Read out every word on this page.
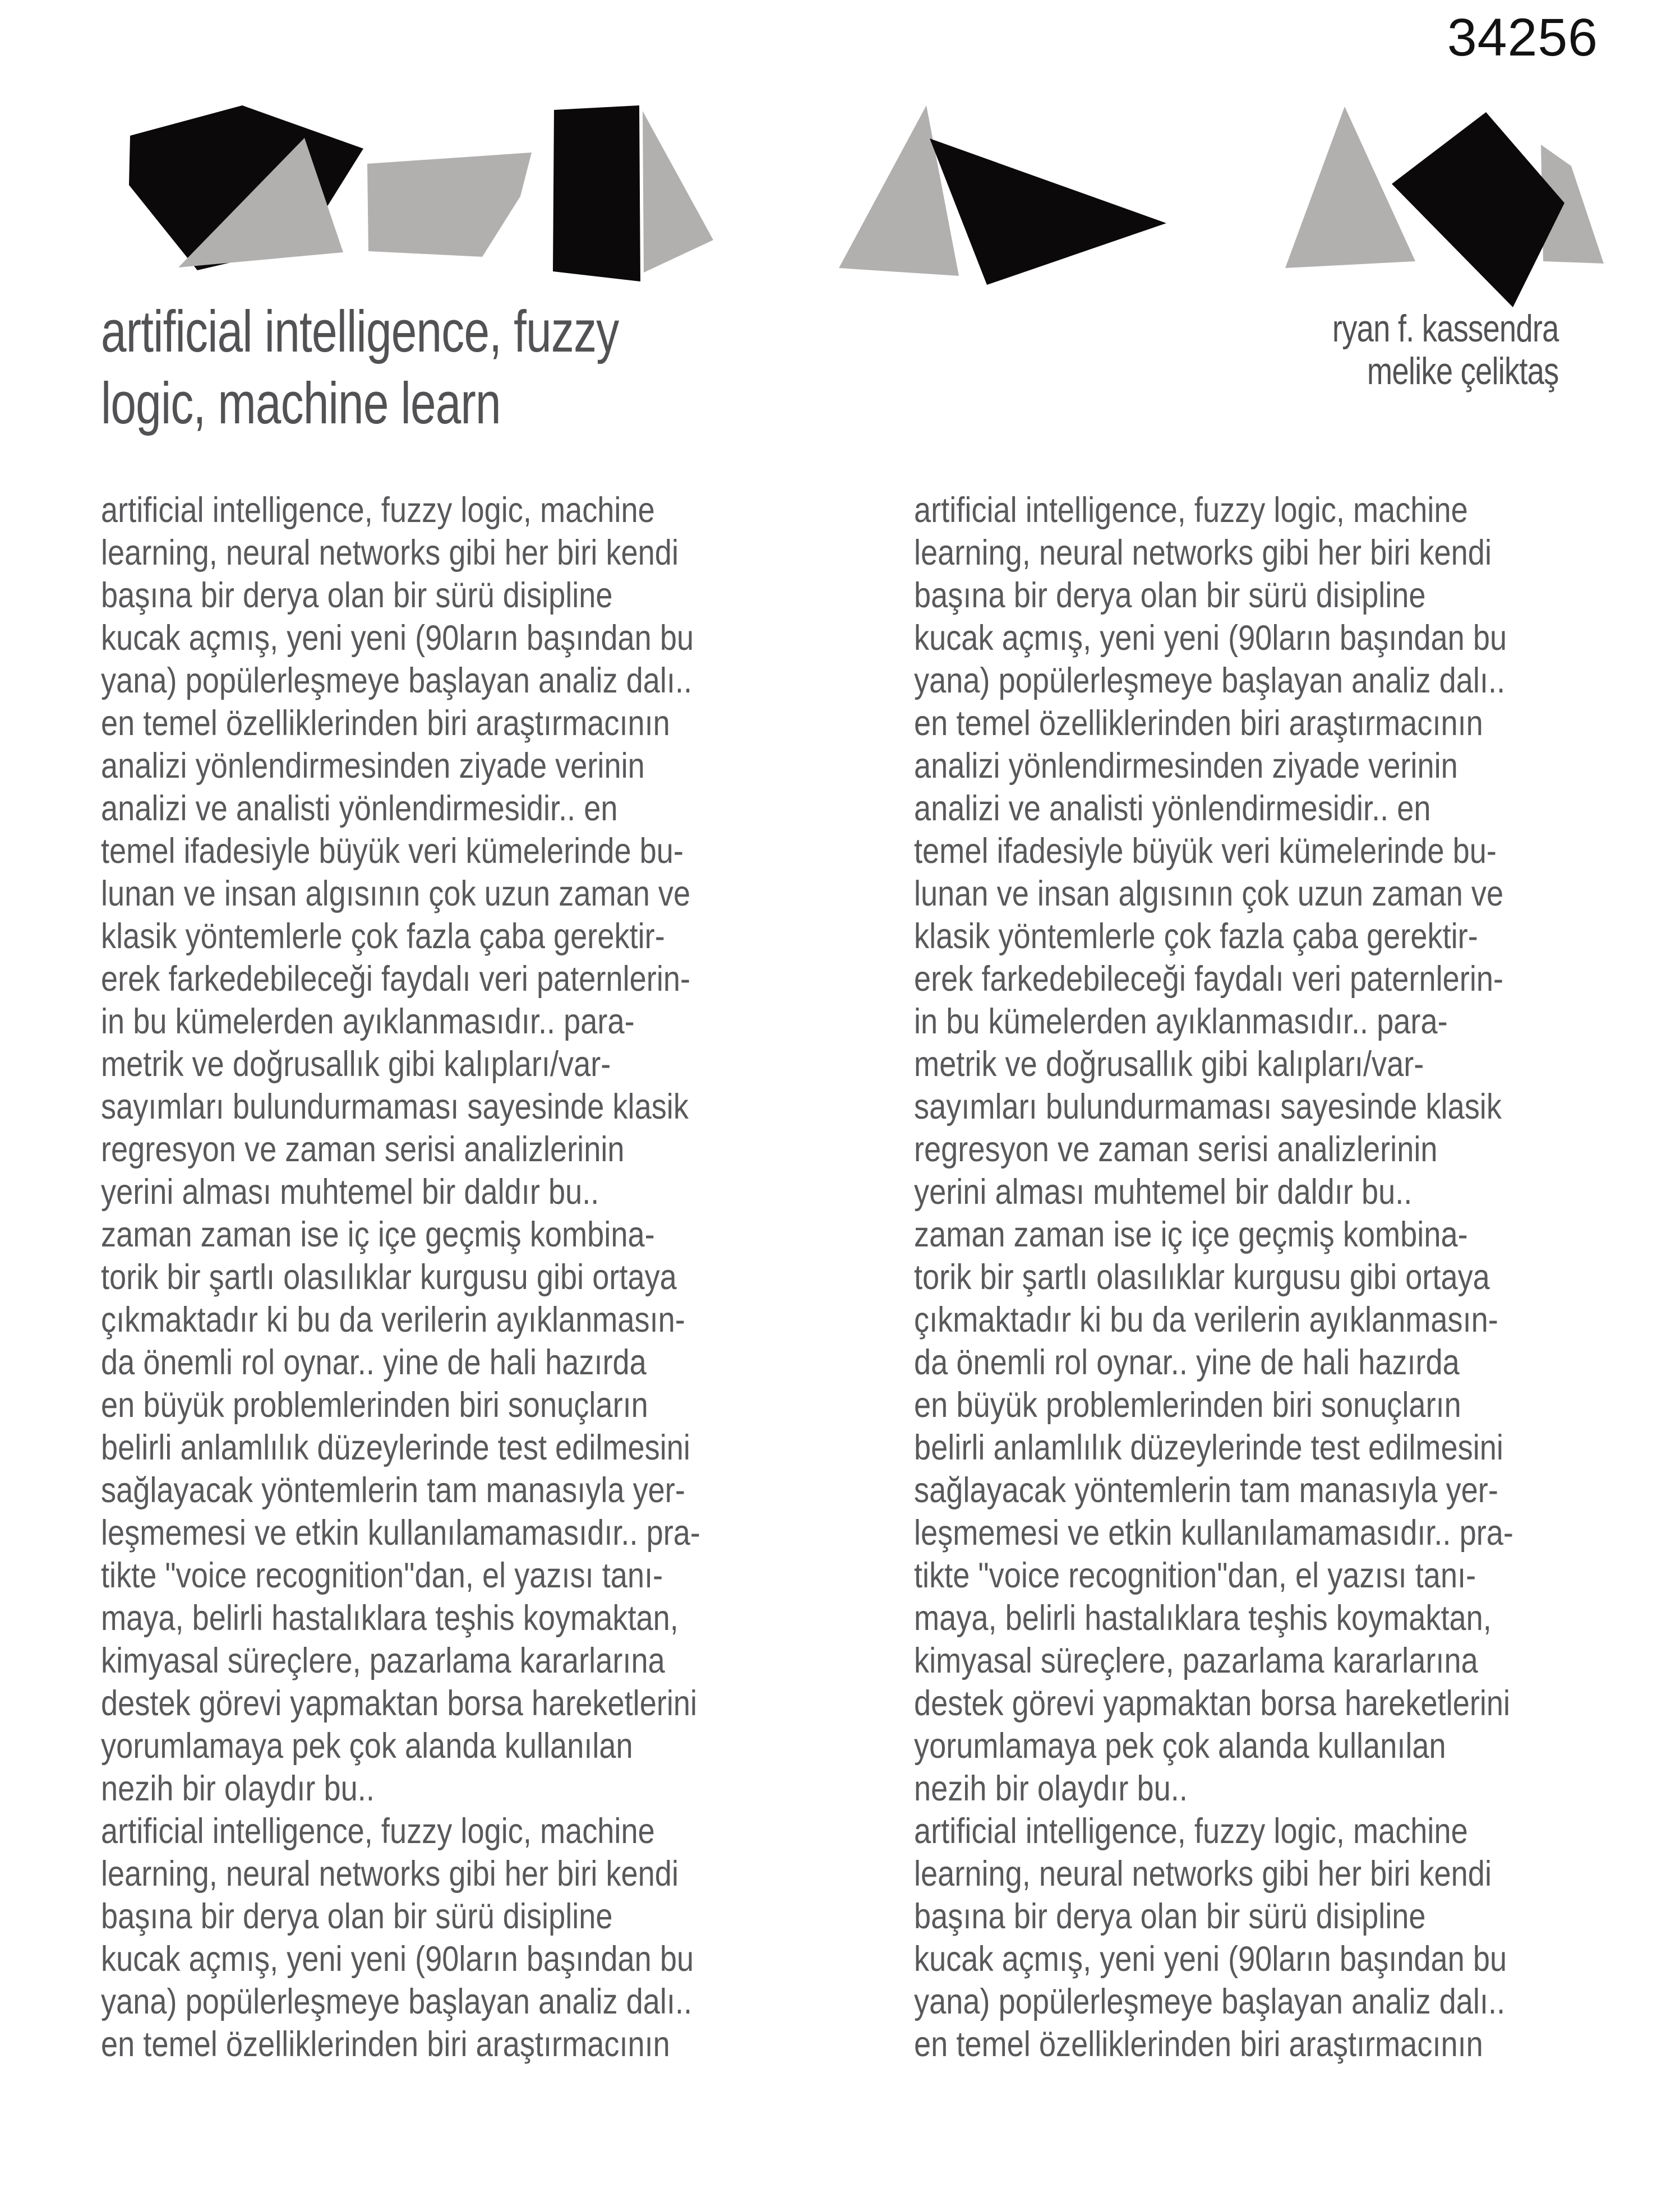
34256
artificial intelligence, fuzzy
logic, machine learn
ryan f. kassendra
melike çeliktaş
artificial intelligence, fuzzy logic, machine
learning, neural networks gibi her biri kendi
başına bir derya olan bir sürü disipline
kucak açmış, yeni yeni (90ların başından bu
yana) popülerleşmeye başlayan analiz dalı..
en temel özelliklerinden biri araştırmacının
analizi yönlendirmesinden ziyade verinin
analizi ve analisti yönlendirmesidir.. en
temel ifadesiyle büyük veri kümelerinde bu-
lunan ve insan algısının çok uzun zaman ve
klasik yöntemlerle çok fazla çaba gerektir-
erek farkedebileceği faydalı veri paternlerin-
in bu kümelerden ayıklanmasıdır.. para-
metrik ve doğrusallık gibi kalıpları/var-
sayımları bulundurmaması sayesinde klasik
regresyon ve zaman serisi analizlerinin
yerini alması muhtemel bir daldır bu..
zaman zaman ise iç içe geçmiş kombina-
torik bir şartlı olasılıklar kurgusu gibi ortaya
çıkmaktadır ki bu da verilerin ayıklanmasın-
da önemli rol oynar.. yine de hali hazırda
en büyük problemlerinden biri sonuçların
belirli anlamlılık düzeylerinde test edilmesini
sağlayacak yöntemlerin tam manasıyla yer-
leşmemesi ve etkin kullanılamamasıdır.. pra-
tikte "voice recognition"dan, el yazısı tanı-
maya, belirli hastalıklara teşhis koymaktan,
kimyasal süreçlere, pazarlama kararlarına
destek görevi yapmaktan borsa hareketlerini
yorumlamaya pek çok alanda kullanılan
nezih bir olaydır bu..
artificial intelligence, fuzzy logic, machine
learning, neural networks gibi her biri kendi
başına bir derya olan bir sürü disipline
kucak açmış, yeni yeni (90ların başından bu
yana) popülerleşmeye başlayan analiz dalı..
en temel özelliklerinden biri araştırmacının
artificial intelligence, fuzzy logic, machine
learning, neural networks gibi her biri kendi
başına bir derya olan bir sürü disipline
kucak açmış, yeni yeni (90ların başından bu
yana) popülerleşmeye başlayan analiz dalı..
en temel özelliklerinden biri araştırmacının
analizi yönlendirmesinden ziyade verinin
analizi ve analisti yönlendirmesidir.. en
temel ifadesiyle büyük veri kümelerinde bu-
lunan ve insan algısının çok uzun zaman ve
klasik yöntemlerle çok fazla çaba gerektir-
erek farkedebileceği faydalı veri paternlerin-
in bu kümelerden ayıklanmasıdır.. para-
metrik ve doğrusallık gibi kalıpları/var-
sayımları bulundurmaması sayesinde klasik
regresyon ve zaman serisi analizlerinin
yerini alması muhtemel bir daldır bu..
zaman zaman ise iç içe geçmiş kombina-
torik bir şartlı olasılıklar kurgusu gibi ortaya
çıkmaktadır ki bu da verilerin ayıklanmasın-
da önemli rol oynar.. yine de hali hazırda
en büyük problemlerinden biri sonuçların
belirli anlamlılık düzeylerinde test edilmesini
sağlayacak yöntemlerin tam manasıyla yer-
leşmemesi ve etkin kullanılamamasıdır.. pra-
tikte "voice recognition"dan, el yazısı tanı-
maya, belirli hastalıklara teşhis koymaktan,
kimyasal süreçlere, pazarlama kararlarına
destek görevi yapmaktan borsa hareketlerini
yorumlamaya pek çok alanda kullanılan
nezih bir olaydır bu..
artificial intelligence, fuzzy logic, machine
learning, neural networks gibi her biri kendi
başına bir derya olan bir sürü disipline
kucak açmış, yeni yeni (90ların başından bu
yana) popülerleşmeye başlayan analiz dalı..
en temel özelliklerinden biri araştırmacının
